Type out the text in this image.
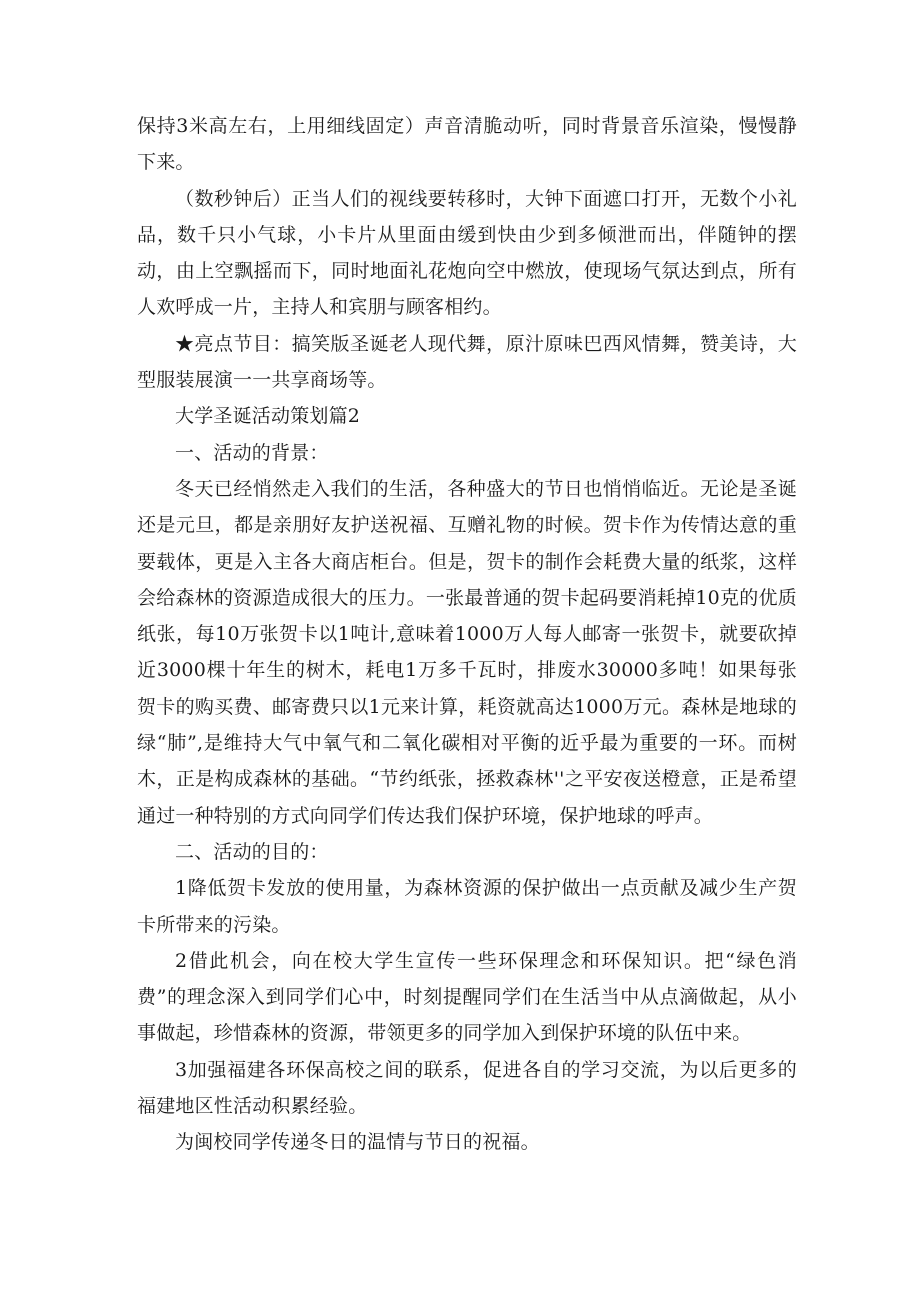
保持3米高左右，上用细线固定）声音清脆动听，同时背景音乐渲染，慢慢静下来。

（数秒钟后）正当人们的视线要转移时，大钟下面遮口打开，无数个小礼品，数千只小气球，小卡片从里面由缓到快由少到多倾泄而出，伴随钟的摆动，由上空飘摇而下，同时地面礼花炮向空中燃放，使现场气氛达到点，所有人欢呼成一片，主持人和宾朋与顾客相约。

★亮点节目：搞笑版圣诞老人现代舞，原汁原味巴西风情舞，赞美诗，大型服装展演一一共享商场等。

大学圣诞活动策划篇2

一、活动的背景：

冬天已经悄然走入我们的生活，各种盛大的节日也悄悄临近。无论是圣诞还是元旦，都是亲朋好友护送祝福、互赠礼物的时候。贺卡作为传情达意的重要载体，更是入主各大商店柜台。但是，贺卡的制作会耗费大量的纸浆，这样会给森林的资源造成很大的压力。一张最普通的贺卡起码要消耗掉10克的优质纸张，每10万张贺卡以1吨计,意味着1000万人每人邮寄一张贺卡，就要砍掉近3000棵十年生的树木，耗电1万多千瓦时，排废水30000多吨！如果每张贺卡的购买费、邮寄费只以1元来计算，耗资就高达1000万元。森林是地球的绿“肺”,是维持大气中氧气和二氧化碳相对平衡的近乎最为重要的一环。而树木，正是构成森林的基础。“节约纸张，拯救森林''之平安夜送橙意，正是希望通过一种特别的方式向同学们传达我们保护环境，保护地球的呼声。

二、活动的目的：

1降低贺卡发放的使用量，为森林资源的保护做出一点贡献及减少生产贺卡所带来的污染。

2借此机会，向在校大学生宣传一些环保理念和环保知识。把“绿色消费”的理念深入到同学们心中，时刻提醒同学们在生活当中从点滴做起，从小事做起，珍惜森林的资源，带领更多的同学加入到保护环境的队伍中来。

3加强福建各环保高校之间的联系，促进各自的学习交流，为以后更多的福建地区性活动积累经验。

为闽校同学传递冬日的温情与节日的祝福。
